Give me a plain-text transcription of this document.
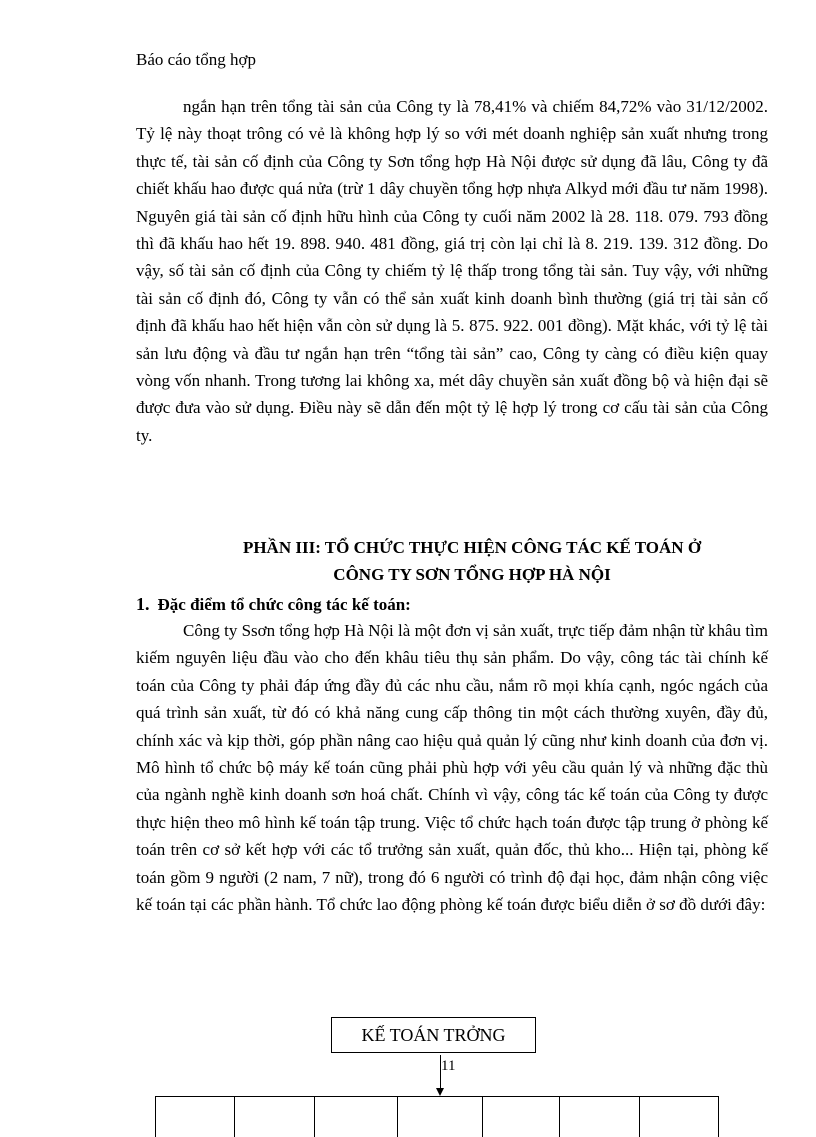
Báo cáo tổng hợp

ngắn hạn trên tổng tài sản của Công ty là 78,41% và chiếm 84,72% vào 31/12/2002. Tỷ lệ này thoạt trông có vẻ là không hợp lý so với mét doanh nghiệp sản xuất nhưng trong thực tế, tài sản cố định của Công ty Sơn tổng hợp Hà Nội được sử dụng đã lâu, Công ty đã chiết khấu hao được quá nửa (trừ 1 dây chuyền tổng hợp nhựa Alkyd mới đầu tư năm 1998). Nguyên giá tài sản cố định hữu hình của Công ty cuối năm 2002 là 28. 118. 079. 793 đồng thì đã khấu hao hết 19. 898. 940. 481 đồng, giá trị còn lại chỉ là 8. 219. 139. 312 đồng. Do vậy, số tài sản cố định của Công ty chiếm tỷ lệ thấp trong tổng tài sản. Tuy vậy, với những tài sản cố định đó, Công ty vẫn có thể sản xuất kinh doanh bình thường (giá trị tài sản cố định đã khấu hao hết hiện vẫn còn sử dụng là 5. 875. 922. 001 đồng). Mặt khác, với tỷ lệ tài sản lưu động và đầu tư ngắn hạn trên “tổng tài sản” cao, Công ty càng có điều kiện quay vòng vốn nhanh. Trong tương lai không xa, mét dây chuyền sản xuất đồng bộ và hiện đại sẽ được đưa vào sử dụng. Điều này sẽ dẫn đến một tỷ lệ hợp lý trong cơ cấu tài sản của Công ty.

PHẦN III: TỔ CHỨC THỰC HIỆN CÔNG TÁC KẾ TOÁN Ở
CÔNG TY SƠN TỔNG HỢP HÀ NỘI
1. Đặc điểm tổ chức công tác kế toán:

Công ty Ssơn tổng hợp Hà Nội là một đơn vị sản xuất, trực tiếp đảm nhận từ khâu tìm kiếm nguyên liệu đầu vào cho đến khâu tiêu thụ sản phẩm. Do vậy, công tác tài chính kế toán của Công ty phải đáp ứng đầy đủ các nhu cầu, nắm rõ mọi khía cạnh, ngóc ngách của quá trình sản xuất, từ đó có khả năng cung cấp thông tin một cách thường xuyên, đầy đủ, chính xác và kịp thời, góp phần nâng cao hiệu quả quản lý cũng như kinh doanh của đơn vị. Mô hình tổ chức bộ máy kế toán cũng phải phù hợp với yêu cầu quản lý và những đặc thù của ngành nghề kinh doanh sơn hoá chất. Chính vì vậy, công tác kế toán của Công ty được thực hiện theo mô hình kế toán tập trung. Việc tổ chức hạch toán được tập trung ở phòng kế toán trên cơ sở kết hợp với các tổ trưởng sản xuất, quản đốc, thủ kho... Hiện tại, phòng kế toán gồm 9 người (2 nam, 7 nữ), trong đó 6 người có trình độ đại học, đảm nhận công việc kế toán tại các phần hành. Tổ chức lao động phòng kế toán được biểu diễn ở sơ đồ dưới đây:

KẾ TOÁN TRỞNG
11
